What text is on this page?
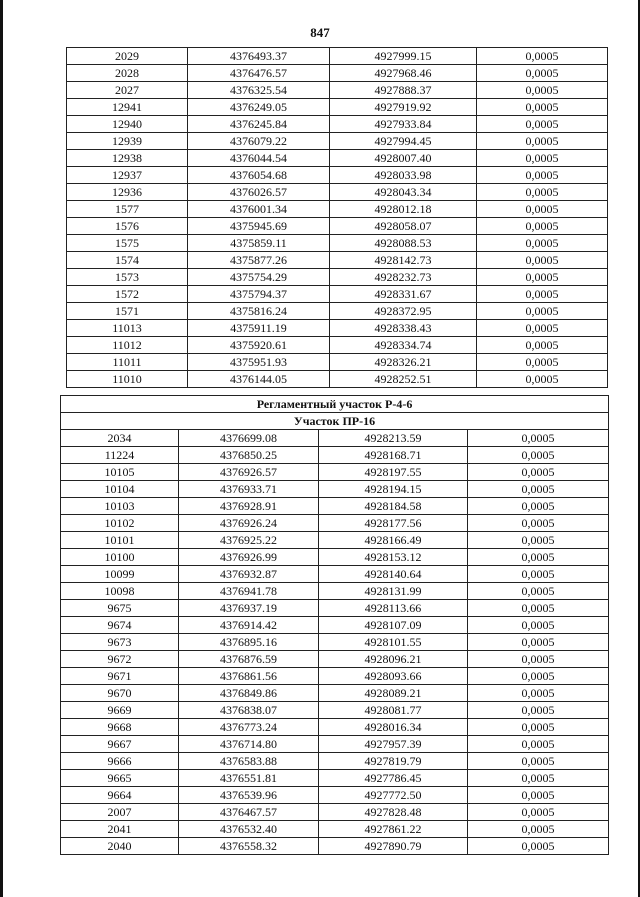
847
2029	4376493.37	4927999.15	0,0005
2028	4376476.57	4927968.46	0,0005
2027	4376325.54	4927888.37	0,0005
12941	4376249.05	4927919.92	0,0005
12940	4376245.84	4927933.84	0,0005
12939	4376079.22	4927994.45	0,0005
12938	4376044.54	4928007.40	0,0005
12937	4376054.68	4928033.98	0,0005
12936	4376026.57	4928043.34	0,0005
1577	4376001.34	4928012.18	0,0005
1576	4375945.69	4928058.07	0,0005
1575	4375859.11	4928088.53	0,0005
1574	4375877.26	4928142.73	0,0005
1573	4375754.29	4928232.73	0,0005
1572	4375794.37	4928331.67	0,0005
1571	4375816.24	4928372.95	0,0005
11013	4375911.19	4928338.43	0,0005
11012	4375920.61	4928334.74	0,0005
11011	4375951.93	4928326.21	0,0005
11010	4376144.05	4928252.51	0,0005
Регламентный участок Р-4-6			
Участок ПР-16			
2034	4376699.08	4928213.59	0,0005
11224	4376850.25	4928168.71	0,0005
10105	4376926.57	4928197.55	0,0005
10104	4376933.71	4928194.15	0,0005
10103	4376928.91	4928184.58	0,0005
10102	4376926.24	4928177.56	0,0005
10101	4376925.22	4928166.49	0,0005
10100	4376926.99	4928153.12	0,0005
10099	4376932.87	4928140.64	0,0005
10098	4376941.78	4928131.99	0,0005
9675	4376937.19	4928113.66	0,0005
9674	4376914.42	4928107.09	0,0005
9673	4376895.16	4928101.55	0,0005
9672	4376876.59	4928096.21	0,0005
9671	4376861.56	4928093.66	0,0005
9670	4376849.86	4928089.21	0,0005
9669	4376838.07	4928081.77	0,0005
9668	4376773.24	4928016.34	0,0005
9667	4376714.80	4927957.39	0,0005
9666	4376583.88	4927819.79	0,0005
9665	4376551.81	4927786.45	0,0005
9664	4376539.96	4927772.50	0,0005
2007	4376467.57	4927828.48	0,0005
2041	4376532.40	4927861.22	0,0005
2040	4376558.32	4927890.79	0,0005
